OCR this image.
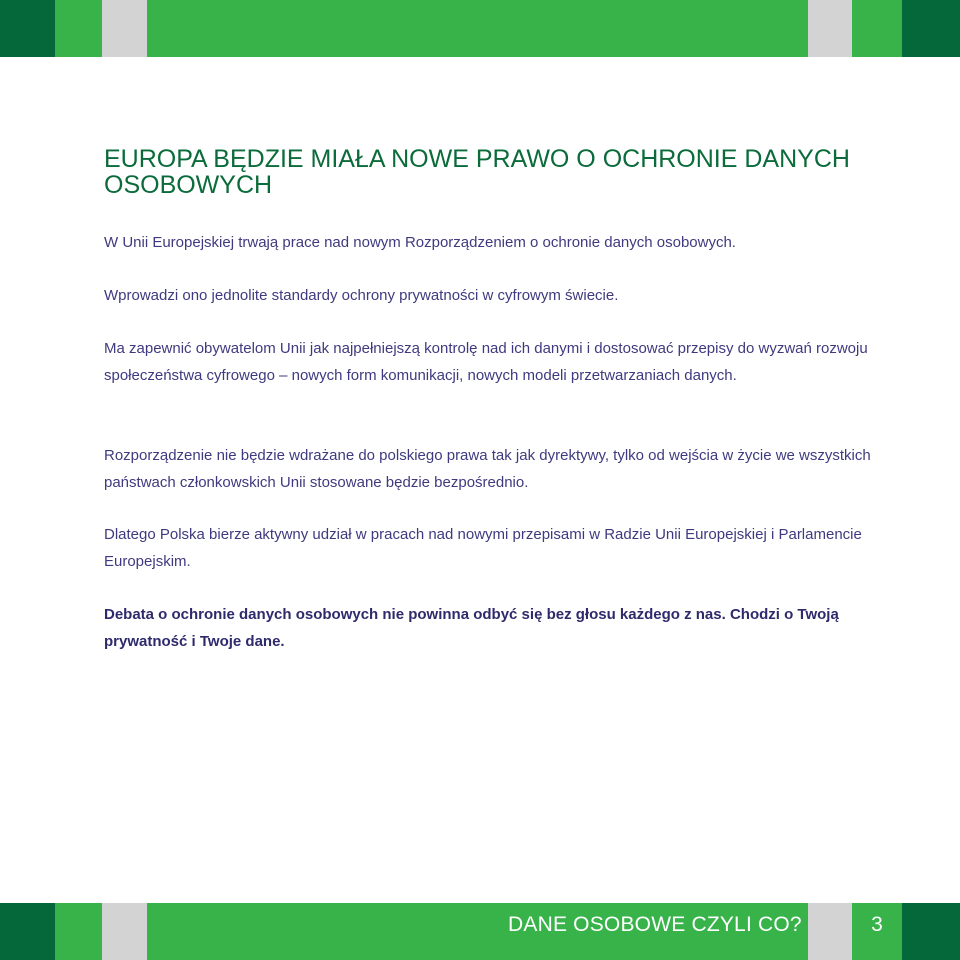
EUROPA BĘDZIE MIAŁA NOWE PRAWO O OCHRONIE DANYCH OSOBOWYCH

W Unii Europejskiej trwają prace nad nowym Rozporządzeniem o ochronie danych osobowych.

Wprowadzi ono jednolite standardy ochrony prywatności w cyfrowym świecie.

Ma zapewnić obywatelom Unii jak najpełniejszą kontrolę nad ich danymi i dostosować przepisy do wyzwań rozwoju społeczeństwa cyfrowego – nowych form komunikacji, nowych modeli przetwarzaniach danych.

Rozporządzenie nie będzie wdrażane do polskiego prawa tak jak dyrektywy, tylko od wejścia w życie we wszystkich państwach członkowskich Unii stosowane będzie bezpośrednio.

Dlatego Polska bierze aktywny udział w pracach nad nowymi przepisami w Radzie Unii Europejskiej i Parlamencie Europejskim.

Debata o ochronie danych osobowych nie powinna odbyć się bez głosu każdego z nas. Chodzi o Twoją prywatność i Twoje dane.

DANE OSOBOWE CZYLI CO?	3
